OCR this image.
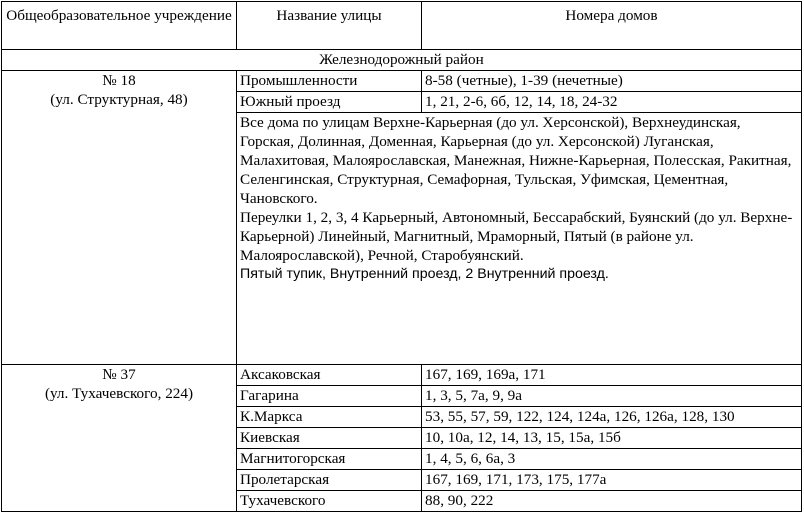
Общеобразовательное учреждение	Название улицы	Номера домов
Железнодорожный район		

№ 18
(ул. Структурная, 48)	Промышленности	8-58 (четные), 1-39 (нечетные)
	Южный проезд	1, 21, 2-6, 6б, 12, 14, 18, 24-32

	Все дома по улицам Верхне-Карьерная (до ул. Херсонской), Верхнеудинская, Горская, Долинная, Доменная, Карьерная (до ул. Херсонской) Луганская, Малахитовая, Малоярославская, Манежная, Нижне-Карьерная, Полесская, Ракитная, Селенгинская, Структурная, Семафорная, Тульская, Уфимская, Цементная, Чановского.
Переулки 1, 2, 3, 4 Карьерный, Автономный, Бессарабский, Буянский (до ул. Верхне-Карьерной) Линейный, Магнитный, Мраморный, Пятый (в районе ул. Малоярославской), Речной, Старобуянский.
Пятый тупик, Внутренний проезд, 2 Внутренний проезд.	

№ 37
(ул. Тухачевского, 224)	Аксаковская	167, 169, 169а, 171
	Гагарина	1, 3, 5, 7а, 9, 9а
	К.Маркса	53, 55, 57, 59, 122, 124, 124а, 126, 126а, 128, 130
	Киевская	10, 10а, 12, 14, 13, 15, 15а, 15б
	Магнитогорская	1, 4, 5, 6, 6а, 3
	Пролетарская	167, 169, 171, 173, 175, 177а
	Тухачевского	88, 90, 222
